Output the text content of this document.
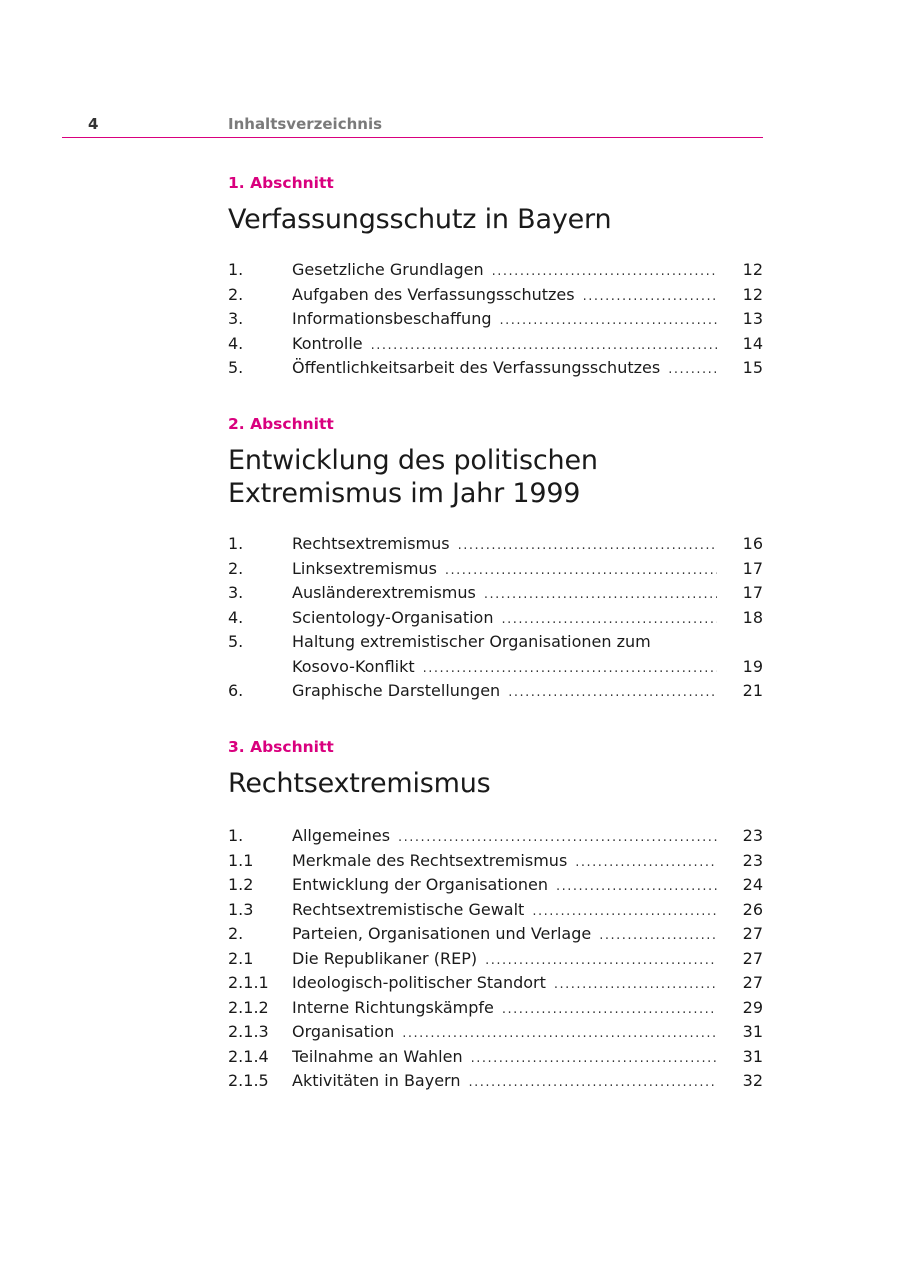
4	Inhaltsverzeichnis
1. Abschnitt
Verfassungsschutz in Bayern
1.	Gesetzliche Grundlagen .....	12
2.	Aufgaben des Verfassungsschutzes .....	12
3.	Informationsbeschaffung .....	13
4.	Kontrolle .....	14
5.	Öffentlichkeitsarbeit des Verfassungsschutzes .....	15
2. Abschnitt
Entwicklung des politischen
Extremismus im Jahr 1999
1.	Rechtsextremismus .....	16
2.	Linksextremismus .....	17
3.	Ausländerextremismus .....	17
4.	Scientology-Organisation .....	18
5.	Haltung extremistischer Organisationen zum
Kosovo-Konflikt .....	19
6.	Graphische Darstellungen .....	21
3. Abschnitt
Rechtsextremismus
1.	Allgemeines .....	23
1.1	Merkmale des Rechtsextremismus .....	23
1.2	Entwicklung der Organisationen .....	24
1.3	Rechtsextremistische Gewalt .....	26
2.	Parteien, Organisationen und Verlage .....	27
2.1	Die Republikaner (REP) .....	27
2.1.1	Ideologisch-politischer Standort .....	27
2.1.2	Interne Richtungskämpfe .....	29
2.1.3	Organisation .....	31
2.1.4	Teilnahme an Wahlen .....	31
2.1.5	Aktivitäten in Bayern .....	32
